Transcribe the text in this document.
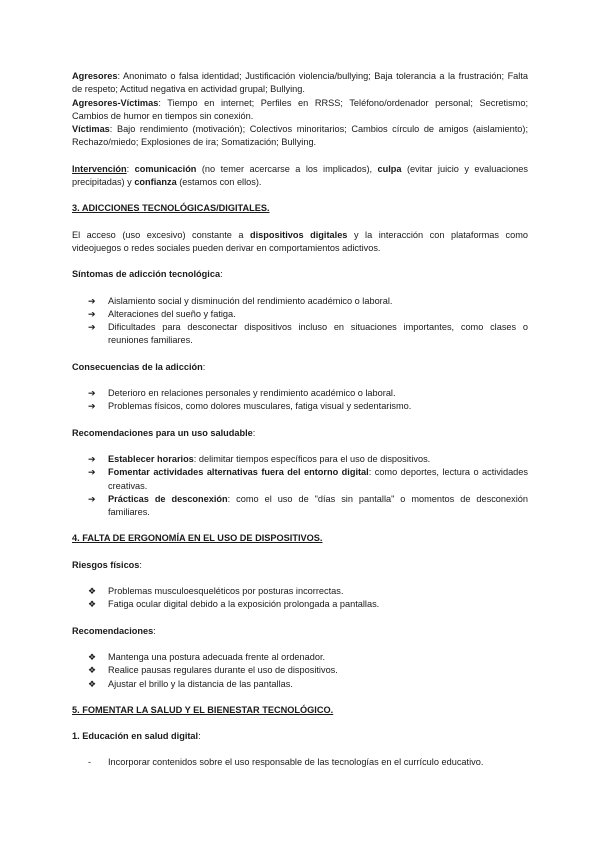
Agresores: Anonimato o falsa identidad; Justificación violencia/bullying; Baja tolerancia a la frustración; Falta de respeto; Actitud negativa en actividad grupal; Bullying.

Agresores-Víctimas: Tiempo en internet; Perfiles en RRSS; Teléfono/ordenador personal; Secretismo; Cambios de humor en tiempos sin conexión.

Víctimas: Bajo rendimiento (motivación); Colectivos minoritarios; Cambios círculo de amigos (aislamiento); Rechazo/miedo; Explosiones de ira; Somatización; Bullying.

Intervención: comunicación (no temer acercarse a los implicados), culpa (evitar juicio y evaluaciones precipitadas) y confianza (estamos con ellos).

3. ADICCIONES TECNOLÓGICAS/DIGITALES.

El acceso (uso excesivo) constante a dispositivos digitales y la interacción con plataformas como videojuegos o redes sociales pueden derivar en comportamientos adictivos.

Síntomas de adicción tecnológica:

➔ Aislamiento social y disminución del rendimiento académico o laboral.
➔ Alteraciones del sueño y fatiga.
➔ Dificultades para desconectar dispositivos incluso en situaciones importantes, como clases o reuniones familiares.

Consecuencias de la adicción:

➔ Deterioro en relaciones personales y rendimiento académico o laboral.
➔ Problemas físicos, como dolores musculares, fatiga visual y sedentarismo.

Recomendaciones para un uso saludable:

➔ Establecer horarios: delimitar tiempos específicos para el uso de dispositivos.
➔ Fomentar actividades alternativas fuera del entorno digital: como deportes, lectura o actividades creativas.
➔ Prácticas de desconexión: como el uso de "días sin pantalla" o momentos de desconexión familiares.

4. FALTA DE ERGONOMÍA EN EL USO DE DISPOSITIVOS.

Riesgos físicos:

❖ Problemas musculoesqueléticos por posturas incorrectas.
❖ Fatiga ocular digital debido a la exposición prolongada a pantallas.

Recomendaciones:

❖ Mantenga una postura adecuada frente al ordenador.
❖ Realice pausas regulares durante el uso de dispositivos.
❖ Ajustar el brillo y la distancia de las pantallas.

5. FOMENTAR LA SALUD Y EL BIENESTAR TECNOLÓGICO.

1. Educación en salud digital:

- Incorporar contenidos sobre el uso responsable de las tecnologías en el currículo educativo.
